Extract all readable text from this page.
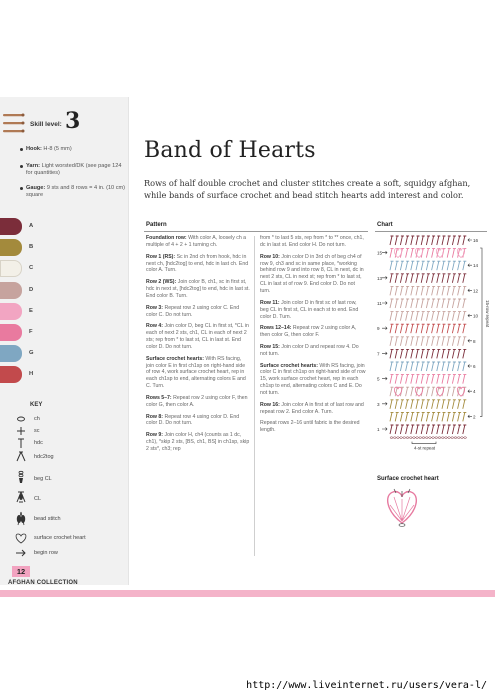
Skill level: 3
Hook: H-8 (5 mm)
Yarn: Light worsted/DK (see page 124 for quantities)
Gauge: 9 sts and 8 rows = 4 in. (10 cm) square
A
B
C
D
E
F
G
H
KEY
ch
sc
hdc
hdc2tog
beg CL
CL
bead stitch
surface crochet heart
begin row
12
AFGHAN COLLECTION
Band of Hearts
Rows of half double crochet and cluster stitches create a soft, squidgy afghan, while bands of surface crochet and bead stitch hearts add interest and color.
Pattern	Chart

Foundation row: With color A, loosely ch a multiple of 4 + 2 + 1 turning ch.

Row 1 (RS): Sc in 2nd ch from hook, hdc in next ch, [hdc2tog] to end, hdc in last ch. End color A. Turn.

Row 2 (WS): Join color B, ch1, sc in first st, hdc in next st, [hdc2tog] to end, hdc in last st. End color B. Turn.

Row 3: Repeat row 2 using color C. End color C. Do not turn.

Row 4: Join color D, beg CL in first st, *CL in each of next 2 sts, ch1, CL in each of next 2 sts; rep from * to last st, CL in last st. End color D. Do not turn.

Surface crochet hearts: With RS facing, join color E in first ch1sp on right-hand side of row 4, work surface crochet heart, rep in each ch1sp to end, alternating colors E and C. Turn.

Rows 5–7: Repeat row 2 using color F, then color G, then color A.

Row 8: Repeat row 4 using color D. End color D. Do not turn.

Row 9: Join color H, ch4 (counts as 1 dc, ch1), *skip 2 sts, [BS, ch1, BS] in ch1sp, skip 2 sts*, ch3; rep

from * to last 5 sts, rep from * to ** once, ch1, dc in last st. End color H. Do not turn.

Row 10: Join color D in 3rd ch of beg ch4 of row 9, ch3 and sc in same place, *working behind row 9 and into row 8, CL in next, dc in next 2 sts, CL in next st; rep from * to last st, CL in last st of row 9. End color D. Do not turn.

Row 11: Join color D in first sc of last row, beg CL in first st, CL in each st to end. End color D. Turn.

Rows 12–14: Repeat row 2 using color A, then color G, then color F.

Row 15: Join color D and repeat row 4. Do not turn.

Surface crochet hearts: With RS facing, join color C in first ch1sp on right-hand side of row 15, work surface crochet heart, rep in each ch1sp to end, alternating colors C and E. Do not turn.

Row 16: Join color A in first st of last row and repeat row 2. End color A. Turn.

Repeat rows 2–16 until fabric is the desired length.

16
15
14
13
12
11
10
9
8
7
6
5
4
3
2
1
4-st repeat
15-row repeat
Surface crochet heart
http://www.liveinternet.ru/users/vera-l/
